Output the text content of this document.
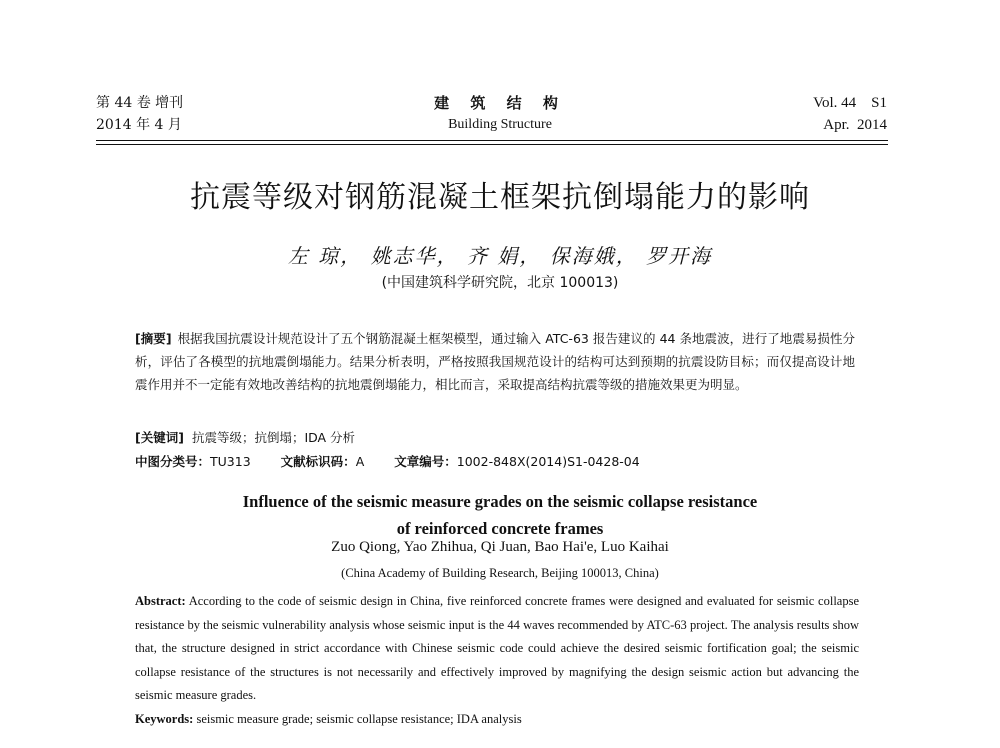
第 44 卷 增刊
2014 年 4 月
建 筑 结 构
Building Structure
Vol. 44    S1
Apr.  2014
抗震等级对钢筋混凝土框架抗倒塌能力的影响
左 琼， 姚志华， 齐 娟， 保海娥， 罗开海
(中国建筑科学研究院，北京 100013)
[摘要] 根据我国抗震设计规范设计了五个钢筋混凝土框架模型，通过输入 ATC-63 报告建议的 44 条地震波，进行了地震易损性分析，评估了各模型的抗地震倒塌能力。结果分析表明，严格按照我国规范设计的结构可达到预期的抗震设防目标；而仅提高设计地震作用并不一定能有效地改善结构的抗地震倒塌能力，相比而言，采取提高结构抗震等级的措施效果更为明显。
[关键词] 抗震等级；抗倒塌；IDA 分析
中图分类号：TU313 文献标识码：A 文章编号：1002-848X(2014)S1-0428-04
Influence of the seismic measure grades on the seismic collapse resistance
of reinforced concrete frames
Zuo Qiong, Yao Zhihua, Qi Juan, Bao Hai'e, Luo Kaihai
(China Academy of Building Research, Beijing 100013, China)
Abstract: According to the code of seismic design in China, five reinforced concrete frames were designed and evaluated for seismic collapse resistance by the seismic vulnerability analysis whose seismic input is the 44 waves recommended by ATC-63 project. The analysis results show that, the structure designed in strict accordance with Chinese seismic code could achieve the desired seismic fortification goal; the seismic collapse resistance of the structures is not necessarily and effectively improved by magnifying the design seismic action but advancing the seismic measure grades.
Keywords: seismic measure grade; seismic collapse resistance; IDA analysis
